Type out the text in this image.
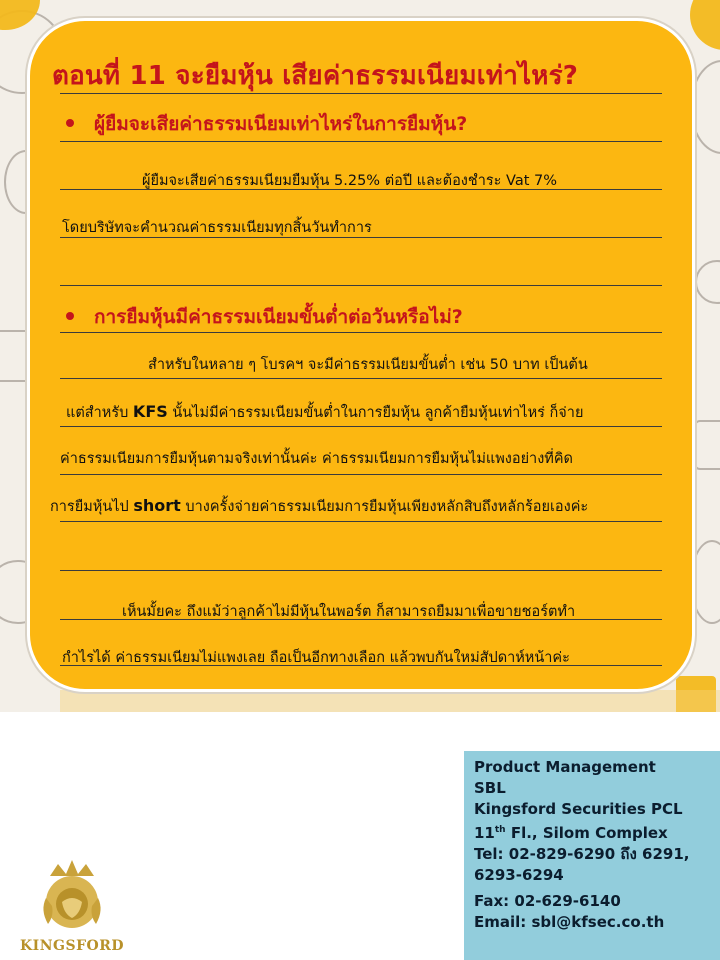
ตอนที่ 11 จะยืมหุ้น เสียค่าธรรมเนียมเท่าไหร่?
ผู้ยืมจะเสียค่าธรรมเนียมเท่าไหร่ในการยืมหุ้น?
ผู้ยืมจะเสียค่าธรรมเนียมยืมหุ้น 5.25% ต่อปี และต้องชำระ Vat 7%
โดยบริษัทจะคำนวณค่าธรรมเนียมทุกสิ้นวันทำการ
การยืมหุ้นมีค่าธรรมเนียมขั้นต่ำต่อวันหรือไม่?
สำหรับในหลาย ๆ โบรคฯ จะมีค่าธรรมเนียมขั้นต่ำ เช่น 50 บาท เป็นต้น
แต่สำหรับ KFS นั้นไม่มีค่าธรรมเนียมขั้นต่ำในการยืมหุ้น ลูกค้ายืมหุ้นเท่าไหร่ ก็จ่าย
ค่าธรรมเนียมการยืมหุ้นตามจริงเท่านั้นค่ะ ค่าธรรมเนียมการยืมหุ้นไม่แพงอย่างที่คิด
การยืมหุ้นไป short บางครั้งจ่ายค่าธรรมเนียมการยืมหุ้นเพียงหลักสิบถึงหลักร้อยเองค่ะ
เห็นมั้ยคะ ถึงแม้ว่าลูกค้าไม่มีหุ้นในพอร์ต ก็สามารถยืมมาเพื่อขายชอร์ตทำ
กำไรได้ ค่าธรรมเนียมไม่แพงเลย ถือเป็นอีกทางเลือก แล้วพบกันใหม่สัปดาห์หน้าค่ะ
KINGSFORD
Product Management
SBL
Kingsford Securities PCL
11th Fl., Silom Complex
Tel: 02-829-6290 ถึง 6291,
6293-6294
Fax: 02-629-6140
Email: sbl@kfsec.co.th
